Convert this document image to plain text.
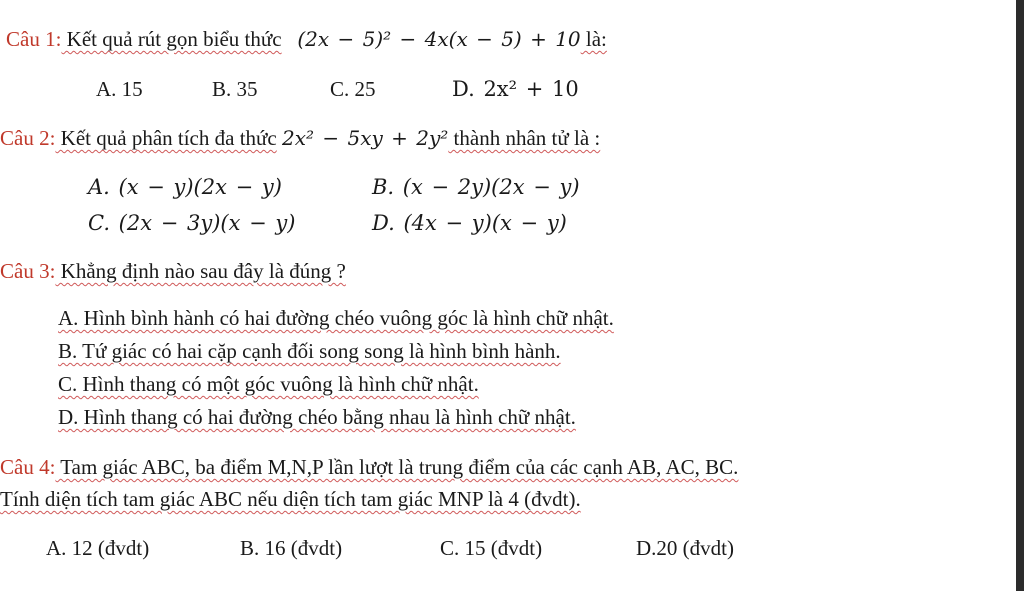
Câu 1: Kết quả rút gọn biểu thức (2x − 5)² − 4x(x − 5) + 10 là:
A. 15	B. 35	C. 25	D. 2x² + 10
Câu 2: Kết quả phân tích đa thức 2x² − 5xy + 2y² thành nhân tử là :
A. (x − y)(2x − y)	B. (x − 2y)(2x − y)
C. (2x − 3y)(x − y)	D. (4x − y)(x − y)
Câu 3: Khẳng định nào sau đây là đúng ?
A. Hình bình hành có hai đường chéo vuông góc là hình chữ nhật.
B. Tứ giác có hai cặp cạnh đối song song là hình bình hành.
C. Hình thang có một góc vuông là hình chữ nhật.
D. Hình thang có hai đường chéo bằng nhau là hình chữ nhật.
Câu 4: Tam giác ABC, ba điểm M,N,P lần lượt là trung điểm của các cạnh AB, AC, BC.
Tính diện tích tam giác ABC nếu diện tích tam giác MNP là 4 (đvdt).
A. 12 (đvdt)	B. 16 (đvdt)	C. 15 (đvdt)	D.20 (đvdt)
